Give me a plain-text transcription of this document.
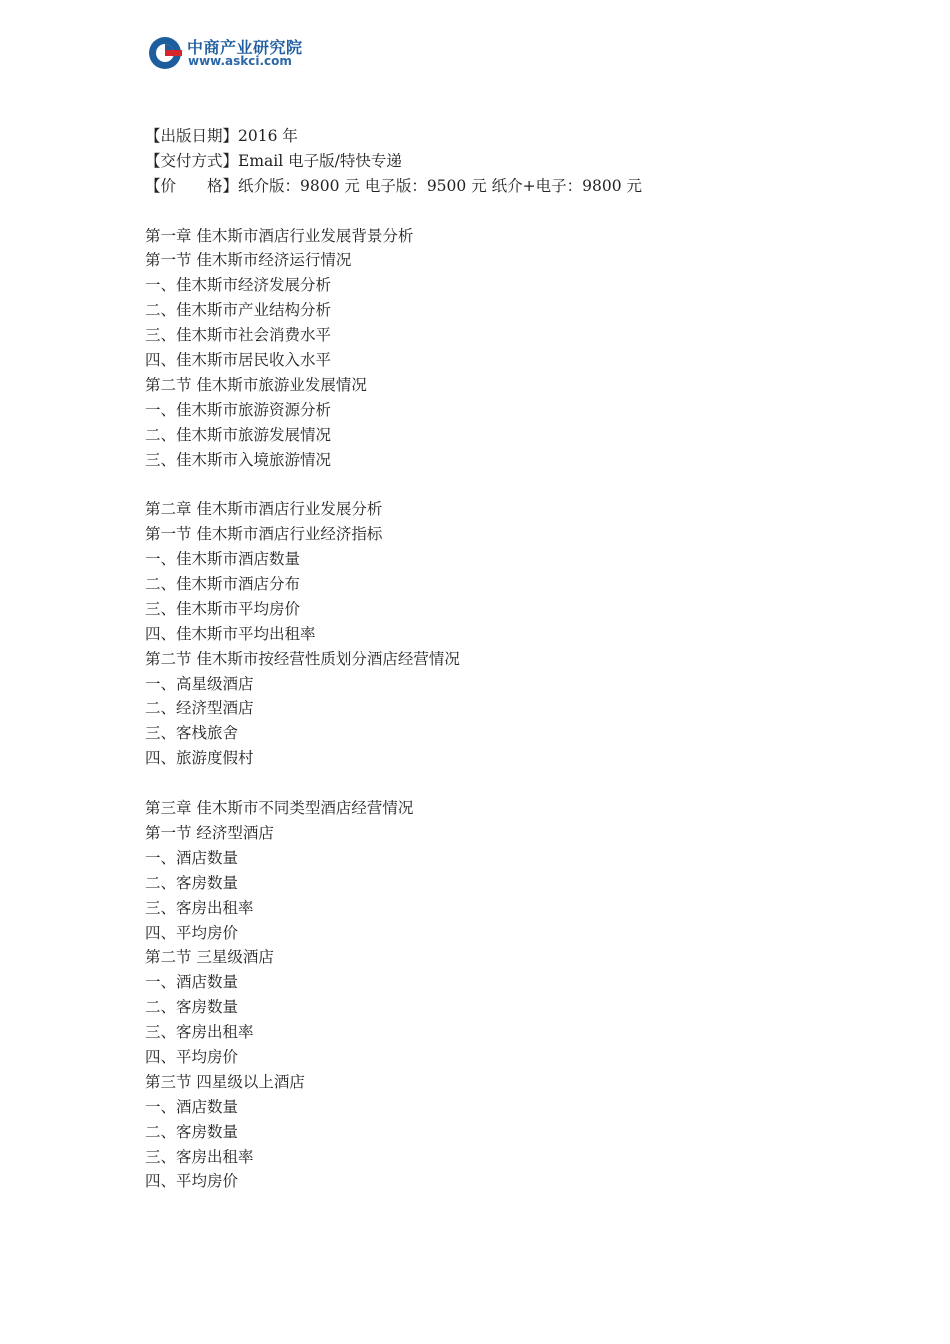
中商产业研究院
www.askci.com
【出版日期】2016 年
【交付方式】Email 电子版/特快专递
【价　　格】纸介版：9800 元 电子版：9500 元 纸介+电子：9800 元
第一章 佳木斯市酒店行业发展背景分析
第一节 佳木斯市经济运行情况
一、佳木斯市经济发展分析
二、佳木斯市产业结构分析
三、佳木斯市社会消费水平
四、佳木斯市居民收入水平
第二节 佳木斯市旅游业发展情况
一、佳木斯市旅游资源分析
二、佳木斯市旅游发展情况
三、佳木斯市入境旅游情况
第二章 佳木斯市酒店行业发展分析
第一节 佳木斯市酒店行业经济指标
一、佳木斯市酒店数量
二、佳木斯市酒店分布
三、佳木斯市平均房价
四、佳木斯市平均出租率
第二节 佳木斯市按经营性质划分酒店经营情况
一、高星级酒店
二、经济型酒店
三、客栈旅舍
四、旅游度假村
第三章 佳木斯市不同类型酒店经营情况
第一节 经济型酒店
一、酒店数量
二、客房数量
三、客房出租率
四、平均房价
第二节 三星级酒店
一、酒店数量
二、客房数量
三、客房出租率
四、平均房价
第三节 四星级以上酒店
一、酒店数量
二、客房数量
三、客房出租率
四、平均房价
